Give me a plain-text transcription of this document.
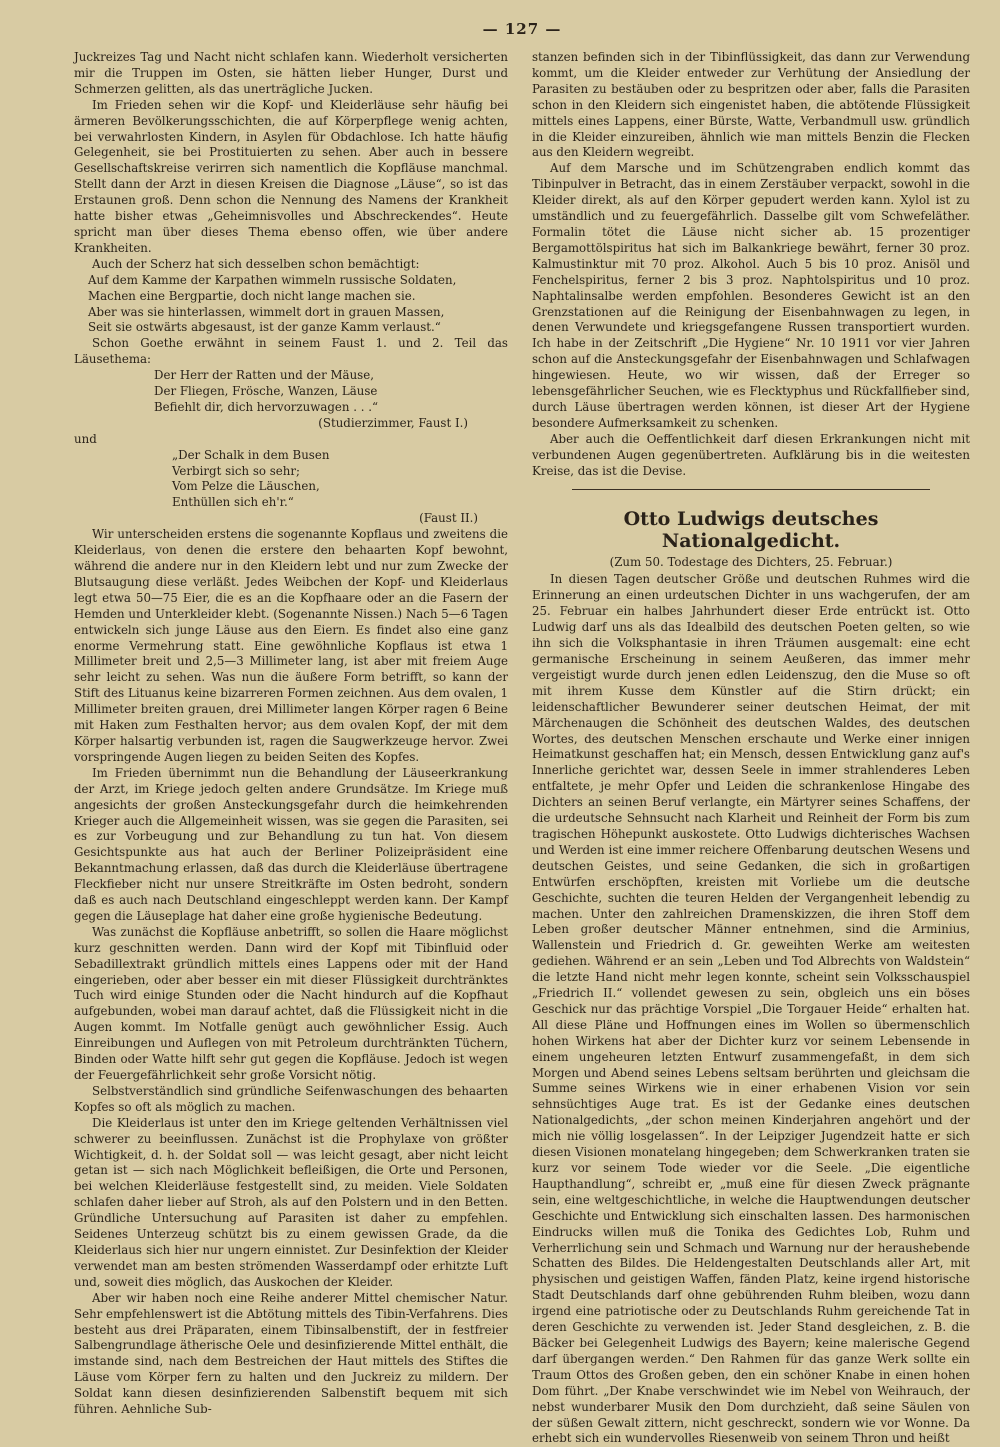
— 127 —

Juckreizes Tag und Nacht nicht schlafen kann. Wiederholt versicherten mir die Truppen im Osten, sie hätten lieber Hunger, Durst und Schmerzen gelitten, als das unerträgliche Jucken.

Im Frieden sehen wir die Kopf- und Kleiderläuse sehr häufig bei ärmeren Bevölkerungsschichten, die auf Körperpflege wenig achten, bei verwahrlosten Kindern, in Asylen für Obdachlose. Ich hatte häufig Gelegenheit, sie bei Prostituierten zu sehen. Aber auch in bessere Gesellschaftskreise verirren sich namentlich die Kopfläuse manchmal. Stellt dann der Arzt in diesen Kreisen die Diagnose „Läuse“, so ist das Erstaunen groß. Denn schon die Nennung des Namens der Krankheit hatte bisher etwas „Geheimnisvolles und Abschreckendes“. Heute spricht man über dieses Thema ebenso offen, wie über andere Krankheiten.

Auch der Scherz hat sich desselben schon bemächtigt:

Auf dem Kamme der Karpathen wimmeln russische Soldaten,
Machen eine Bergpartie, doch nicht lange machen sie.
Aber was sie hinterlassen, wimmelt dort in grauen Massen,
Seit sie ostwärts abgesaust, ist der ganze Kamm verlaust.“

Schon Goethe erwähnt in seinem Faust 1. und 2. Teil das Läusethema:

Der Herr der Ratten und der Mäuse,
Der Fliegen, Frösche, Wanzen, Läuse
Befiehlt dir, dich hervorzuwagen . . .“
(Studierzimmer, Faust I.)
und
„Der Schalk in dem Busen
Verbirgt sich so sehr;
Vom Pelze die Läuschen,
Enthüllen sich eh'r.“
(Faust II.)

Wir unterscheiden erstens die sogenannte Kopflaus und zweitens die Kleiderlaus, von denen die erstere den behaarten Kopf bewohnt, während die andere nur in den Kleidern lebt und nur zum Zwecke der Blutsaugung diese verläßt. Jedes Weibchen der Kopf- und Kleiderlaus legt etwa 50—75 Eier, die es an die Kopfhaare oder an die Fasern der Hemden und Unterkleider klebt. (Sogenannte Nissen.) Nach 5—6 Tagen entwickeln sich junge Läuse aus den Eiern. Es findet also eine ganz enorme Vermehrung statt. Eine gewöhnliche Kopflaus ist etwa 1 Millimeter breit und 2,5—3 Millimeter lang, ist aber mit freiem Auge sehr leicht zu sehen. Was nun die äußere Form betrifft, so kann der Stift des Lituanus keine bizarreren Formen zeichnen. Aus dem ovalen, 1 Millimeter breiten grauen, drei Millimeter langen Körper ragen 6 Beine mit Haken zum Festhalten hervor; aus dem ovalen Kopf, der mit dem Körper halsartig verbunden ist, ragen die Saugwerkzeuge hervor. Zwei vorspringende Augen liegen zu beiden Seiten des Kopfes.

Im Frieden übernimmt nun die Behandlung der Läuseerkrankung der Arzt, im Kriege jedoch gelten andere Grundsätze. Im Kriege muß angesichts der großen Ansteckungsgefahr durch die heimkehrenden Krieger auch die Allgemeinheit wissen, was sie gegen die Parasiten, sei es zur Vorbeugung und zur Behandlung zu tun hat. Von diesem Gesichtspunkte aus hat auch der Berliner Polizeipräsident eine Bekanntmachung erlassen, daß das durch die Kleiderläuse übertragene Fleckfieber nicht nur unsere Streitkräfte im Osten bedroht, sondern daß es auch nach Deutschland eingeschleppt werden kann. Der Kampf gegen die Läuseplage hat daher eine große hygienische Bedeutung.

Was zunächst die Kopfläuse anbetrifft, so sollen die Haare möglichst kurz geschnitten werden. Dann wird der Kopf mit Tibinfluid oder Sebadillextrakt gründlich mittels eines Lappens oder mit der Hand eingerieben, oder aber besser ein mit dieser Flüssigkeit durchtränktes Tuch wird einige Stunden oder die Nacht hindurch auf die Kopfhaut aufgebunden, wobei man darauf achtet, daß die Flüssigkeit nicht in die Augen kommt. Im Notfalle genügt auch gewöhnlicher Essig. Auch Einreibungen und Auflegen von mit Petroleum durchtränkten Tüchern, Binden oder Watte hilft sehr gut gegen die Kopfläuse. Jedoch ist wegen der Feuergefährlichkeit sehr große Vorsicht nötig.

Selbstverständlich sind gründliche Seifenwaschungen des behaarten Kopfes so oft als möglich zu machen.

Die Kleiderlaus ist unter den im Kriege geltenden Verhältnissen viel schwerer zu beeinflussen. Zunächst ist die Prophylaxe von größter Wichtigkeit, d. h. der Soldat soll — was leicht gesagt, aber nicht leicht getan ist — sich nach Möglichkeit befleißigen, die Orte und Personen, bei welchen Kleiderläuse festgestellt sind, zu meiden. Viele Soldaten schlafen daher lieber auf Stroh, als auf den Polstern und in den Betten. Gründliche Untersuchung auf Parasiten ist daher zu empfehlen. Seidenes Unterzeug schützt bis zu einem gewissen Grade, da die Kleiderlaus sich hier nur ungern einnistet. Zur Desinfektion der Kleider verwendet man am besten strömenden Wasserdampf oder erhitzte Luft und, soweit dies möglich, das Auskochen der Kleider.

Aber wir haben noch eine Reihe anderer Mittel chemischer Natur. Sehr empfehlenswert ist die Abtötung mittels des Tibin-Verfahrens. Dies besteht aus drei Präparaten, einem Tibinsalbenstift, der in festfreier Salbengrundlage ätherische Oele und desinfizierende Mittel enthält, die imstande sind, nach dem Bestreichen der Haut mittels des Stiftes die Läuse vom Körper fern zu halten und den Juckreiz zu mildern. Der Soldat kann diesen desinfizierenden Salbenstift bequem mit sich führen. Aehnliche Sub-

stanzen befinden sich in der Tibinflüssigkeit, das dann zur Verwendung kommt, um die Kleider entweder zur Verhütung der Ansiedlung der Parasiten zu bestäuben oder zu bespritzen oder aber, falls die Parasiten schon in den Kleidern sich eingenistet haben, die abtötende Flüssigkeit mittels eines Lappens, einer Bürste, Watte, Verbandmull usw. gründlich in die Kleider einzureiben, ähnlich wie man mittels Benzin die Flecken aus den Kleidern wegreibt.

Auf dem Marsche und im Schützengraben endlich kommt das Tibinpulver in Betracht, das in einem Zerstäuber verpackt, sowohl in die Kleider direkt, als auf den Körper gepudert werden kann. Xylol ist zu umständlich und zu feuergefährlich. Dasselbe gilt vom Schwefeläther. Formalin tötet die Läuse nicht sicher ab. 15 prozentiger Bergamottölspiritus hat sich im Balkankriege bewährt, ferner 30 proz. Kalmustinktur mit 70 proz. Alkohol. Auch 5 bis 10 proz. Anisöl und Fenchelspiritus, ferner 2 bis 3 proz. Naphtolspiritus und 10 proz. Naphtalinsalbe werden empfohlen. Besonderes Gewicht ist an den Grenzstationen auf die Reinigung der Eisenbahnwagen zu legen, in denen Verwundete und kriegsgefangene Russen transportiert wurden. Ich habe in der Zeitschrift „Die Hygiene“ Nr. 10 1911 vor vier Jahren schon auf die Ansteckungsgefahr der Eisenbahnwagen und Schlafwagen hingewiesen. Heute, wo wir wissen, daß der Erreger so lebensgefährlicher Seuchen, wie es Flecktyphus und Rückfallfieber sind, durch Läuse übertragen werden können, ist dieser Art der Hygiene besondere Aufmerksamkeit zu schenken.

Aber auch die Oeffentlichkeit darf diesen Erkrankungen nicht mit verbundenen Augen gegenübertreten. Aufklärung bis in die weitesten Kreise, das ist die Devise.

Otto Ludwigs deutsches Nationalgedicht.
(Zum 50. Todestage des Dichters, 25. Februar.)

In diesen Tagen deutscher Größe und deutschen Ruhmes wird die Erinnerung an einen urdeutschen Dichter in uns wachgerufen, der am 25. Februar ein halbes Jahrhundert dieser Erde entrückt ist. Otto Ludwig darf uns als das Idealbild des deutschen Poeten gelten, so wie ihn sich die Volksphantasie in ihren Träumen ausgemalt: eine echt germanische Erscheinung in seinem Aeußeren, das immer mehr vergeistigt wurde durch jenen edlen Leidenszug, den die Muse so oft mit ihrem Kusse dem Künstler auf die Stirn drückt; ein leidenschaftlicher Bewunderer seiner deutschen Heimat, der mit Märchenaugen die Schönheit des deutschen Waldes, des deutschen Wortes, des deutschen Menschen erschaute und Werke einer innigen Heimatkunst geschaffen hat; ein Mensch, dessen Entwicklung ganz auf's Innerliche gerichtet war, dessen Seele in immer strahlenderes Leben entfaltete, je mehr Opfer und Leiden die schrankenlose Hingabe des Dichters an seinen Beruf verlangte, ein Märtyrer seines Schaffens, der die urdeutsche Sehnsucht nach Klarheit und Reinheit der Form bis zum tragischen Höhepunkt auskostete. Otto Ludwigs dichterisches Wachsen und Werden ist eine immer reichere Offenbarung deutschen Wesens und deutschen Geistes, und seine Gedanken, die sich in großartigen Entwürfen erschöpften, kreisten mit Vorliebe um die deutsche Geschichte, suchten die teuren Helden der Vergangenheit lebendig zu machen. Unter den zahlreichen Dramenskizzen, die ihren Stoff dem Leben großer deutscher Männer entnehmen, sind die Arminius, Wallenstein und Friedrich d. Gr. geweihten Werke am weitesten gediehen. Während er an sein „Leben und Tod Albrechts von Waldstein“ die letzte Hand nicht mehr legen konnte, scheint sein Volksschauspiel „Friedrich II.“ vollendet gewesen zu sein, obgleich uns ein böses Geschick nur das prächtige Vorspiel „Die Torgauer Heide“ erhalten hat. All diese Pläne und Hoffnungen eines im Wollen so übermenschlich hohen Wirkens hat aber der Dichter kurz vor seinem Lebensende in einem ungeheuren letzten Entwurf zusammengefaßt, in dem sich Morgen und Abend seines Lebens seltsam berührten und gleichsam die Summe seines Wirkens wie in einer erhabenen Vision vor sein sehnsüchtiges Auge trat. Es ist der Gedanke eines deutschen Nationalgedichts, „der schon meinen Kinderjahren angehört und der mich nie völlig losgelassen“. In der Leipziger Jugendzeit hatte er sich diesen Visionen monatelang hingegeben; dem Schwerkranken traten sie kurz vor seinem Tode wieder vor die Seele. „Die eigentliche Haupthandlung“, schreibt er, „muß eine für diesen Zweck prägnante sein, eine weltgeschichtliche, in welche die Hauptwendungen deutscher Geschichte und Entwicklung sich einschalten lassen. Des harmonischen Eindrucks willen muß die Tonika des Gedichtes Lob, Ruhm und Verherrlichung sein und Schmach und Warnung nur der heraushebende Schatten des Bildes. Die Heldengestalten Deutschlands aller Art, mit physischen und geistigen Waffen, fänden Platz, keine irgend historische Stadt Deutschlands darf ohne gebührenden Ruhm bleiben, wozu dann irgend eine patriotische oder zu Deutschlands Ruhm gereichende Tat in deren Geschichte zu verwenden ist. Jeder Stand desgleichen, z. B. die Bäcker bei Gelegenheit Ludwigs des Bayern; keine malerische Gegend darf übergangen werden.“ Den Rahmen für das ganze Werk sollte ein Traum Ottos des Großen geben, den ein schöner Knabe in einen hohen Dom führt. „Der Knabe verschwindet wie im Nebel von Weihrauch, der nebst wunderbarer Musik den Dom durchzieht, daß seine Säulen von der süßen Gewalt zittern, nicht geschreckt, sondern wie vor Wonne. Da erhebt sich ein wundervolles Riesenweib von seinem Thron und heißt
